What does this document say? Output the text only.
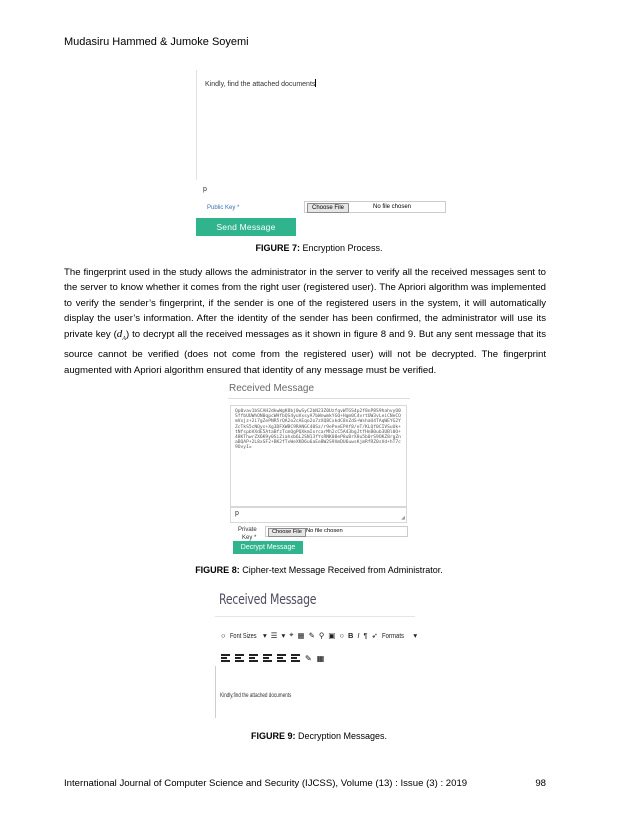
Mudasiru Hammed & Jumoke Soyemi
Kindly, find the attached documents
p
Public Key *	Choose File	No file chosen
Send Message
FIGURE 7: Encryption Process.
The fingerprint used in the study allows the administrator in the server to verify all the received messages sent to the server to know whether it comes from the right user (registered user). The Apriori algorithm was implemented to verify the sender’s fingerprint, if the sender is one of the registered users in the system, it will automatically display the user’s information. After the identity of the sender has been confirmed, the administrator will use its private key $(d_A)$ to decrypt all the received messages as it shown in figure 8 and 9. But any sent message that its source cannot be verified (does not come from the registered user) will not be decrypted. The fingerprint augmented with Apriori algorithm ensured that identity of any message must be verified.
Received Message
Qp0vav1bSCAH2dkwWgK8bj0wSyC2bN23Z0UzfqvWTGS4p2f8nP8S9hahvyO0SffbUUWhON0qpcWHfbQS4yuVxsyA7bWnwmkYGQ+Hgm0C4vrtUW3vLeiCNeCOmVxjz+2i7gZePNR5rQA2o2cAEqo2o7zXQ8CxkdC8nZdS+WshaU4TAqWEYG2YZcTkS5cNQys+Xg3DFXWBC9RANGC40Sz/r9ePneEPAf8/eT/KLQf0CIVSuUk+tNfspbVXdE5AtaBfzTcmQgPQXkmIxrcarMh2cC5A43bgJtfHnB0ub3UBl0O+48KThwrZX6K9y0SiZiahxb6L2SN13fYsRNK08eP8uBrX8u5b0rS9OKZ8rgZnaBQAP+2L8xSF2+BK2fTxWeXKD6u6aEeBW2S9XmDU6uwsKjmRfRZ0sVd+hT7c9OvyI=
p
◢
Private
Key *
Choose File No file chosen
Decrypt Message
FIGURE 8: Cipher-text Message Received from Administrator.
Received Message
○ Font Sizes ▾ ☰ ▾ ⌖ ▦ ✎ ⚲ ▣ ○ B I ¶ ➶ Formats ▾
✎ ▦
Kindly,find the attached documents
FIGURE 9: Decryption Messages.
International Journal of Computer Science and Security (IJCSS), Volume (13) : Issue (3) : 2019	98
